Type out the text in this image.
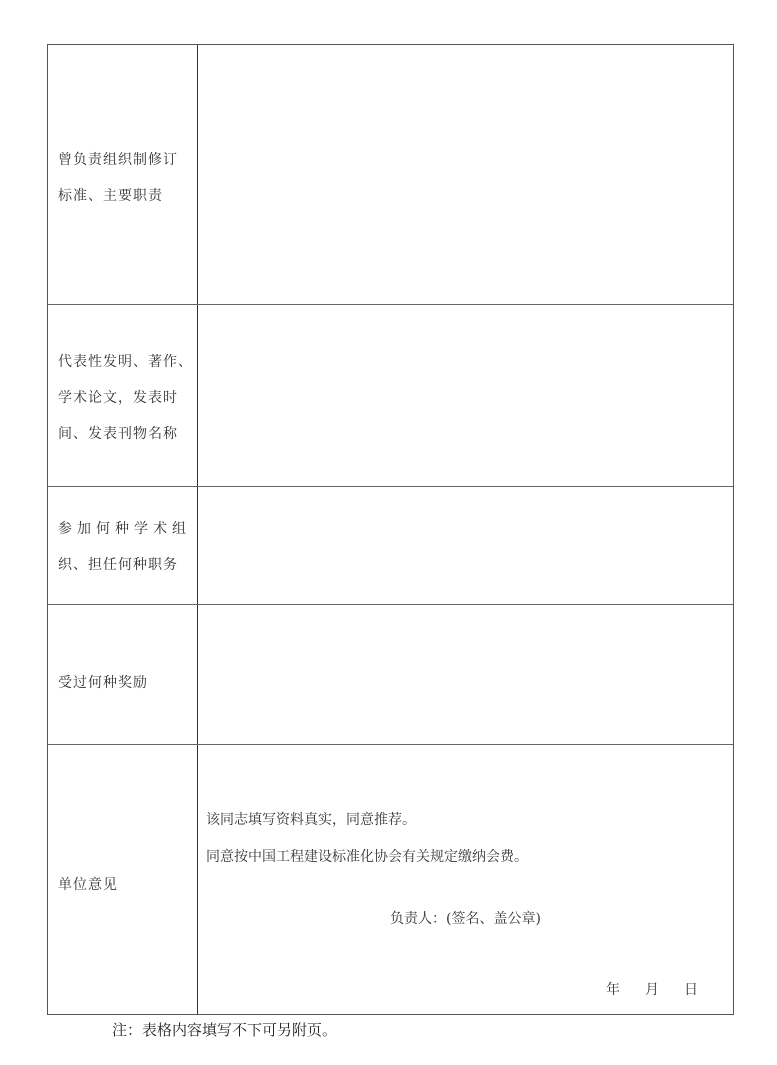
曾负责组织制修订
标准、主要职责
代表性发明、著作、
学术论文，发表时
间、发表刊物名称
参加何种学术组
织、担任何种职务
受过何种奖励
单位意见
该同志填写资料真实，同意推荐。
同意按中国工程建设标准化协会有关规定缴纳会费。
负责人：(签名、盖公章)
年 月 日
注：表格内容填写不下可另附页。
